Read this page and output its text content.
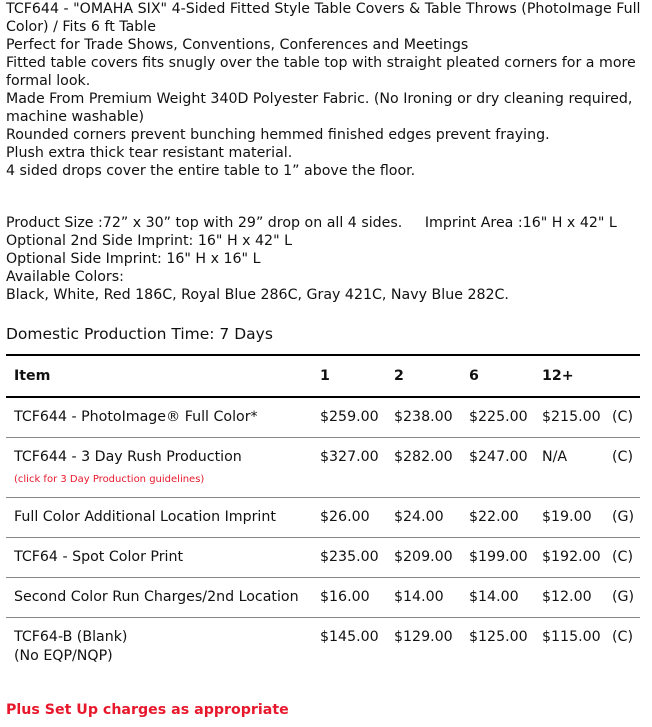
TCF644 - "OMAHA SIX" 4-Sided Fitted Style Table Covers & Table Throws (PhotoImage Full Color) / Fits 6 ft Table
Perfect for Trade Shows, Conventions, Conferences and Meetings
Fitted table covers fits snugly over the table top with straight pleated corners for a more formal look.
Made From Premium Weight 340D Polyester Fabric. (No Ironing or dry cleaning required, machine washable)
Rounded corners prevent bunching hemmed finished edges prevent fraying.
Plush extra thick tear resistant material.
4 sided drops cover the entire table to 1” above the floor.
Product Size :72” x 30” top with 29” drop on all 4 sides. Imprint Area :16" H x 42" L
Optional 2nd Side Imprint: 16" H x 42" L
Optional Side Imprint: 16" H x 16" L
Available Colors:
Black, White, Red 186C, Royal Blue 286C, Gray 421C, Navy Blue 282C.
Domestic Production Time: 7 Days
Item	1	2	6	12+	
TCF644 - PhotoImage® Full Color*	$259.00	$238.00	$225.00	$215.00	(C)
TCF644 - 3 Day Rush Production
(click for 3 Day Production guidelines)	$327.00	$282.00	$247.00	N/A	(C)
Full Color Additional Location Imprint	$26.00	$24.00	$22.00	$19.00	(G)
TCF64 - Spot Color Print	$235.00	$209.00	$199.00	$192.00	(C)
Second Color Run Charges/2nd Location	$16.00	$14.00	$14.00	$12.00	(G)
TCF64-B (Blank)
(No EQP/NQP)	$145.00	$129.00	$125.00	$115.00	(C)
Plus Set Up charges as appropriate
